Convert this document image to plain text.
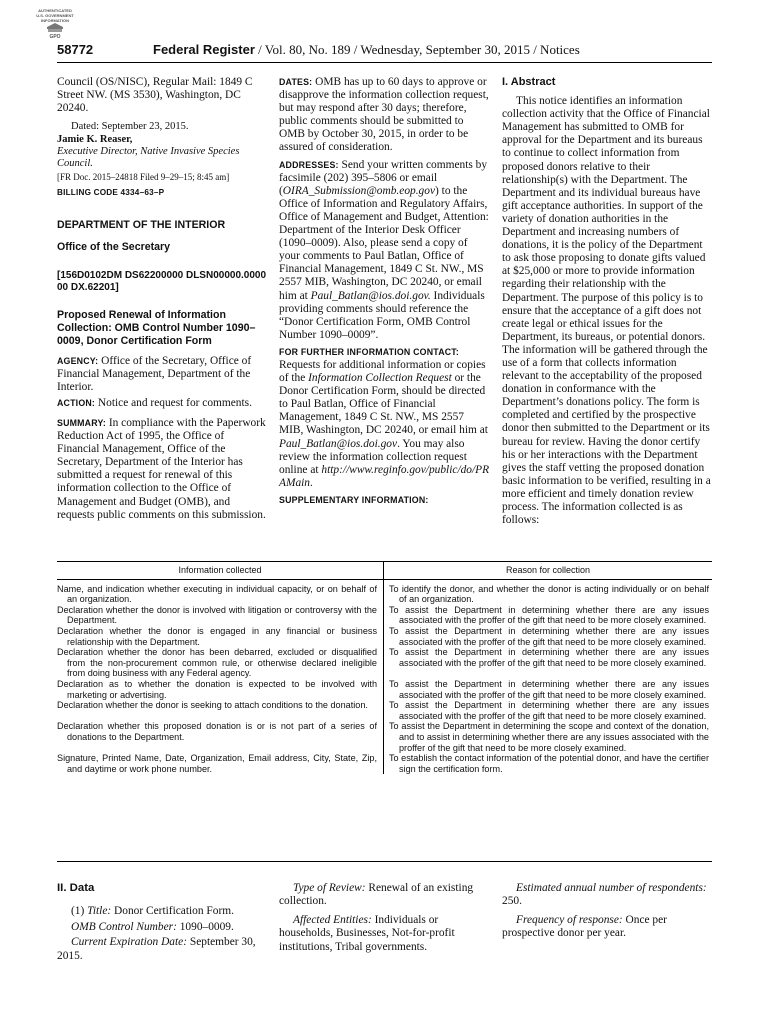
AUTHENTICATED
U.S. GOVERNMENT
INFORMATION
GPO
58772	Federal Register / Vol. 80, No. 189 / Wednesday, September 30, 2015 / Notices

Council (OS/NISC), Regular Mail: 1849 C Street NW. (MS 3530), Washington, DC 20240.

Dated: September 23, 2015.

Jamie K. Reaser,

Executive Director, Native Invasive Species Council.

[FR Doc. 2015–24818 Filed 9–29–15; 8:45 am]

BILLING CODE 4334–63–P

DEPARTMENT OF THE INTERIOR

Office of the Secretary

[156D0102DM DS62200000 DLSN00000.000000 DX.62201]

Proposed Renewal of Information Collection: OMB Control Number 1090–0009, Donor Certification Form

AGENCY: Office of the Secretary, Office of Financial Management, Department of the Interior.

ACTION: Notice and request for comments.

SUMMARY: In compliance with the Paperwork Reduction Act of 1995, the Office of Financial Management, Office of the Secretary, Department of the Interior has submitted a request for renewal of this information collection to the Office of Management and Budget (OMB), and requests public comments on this submission.

DATES: OMB has up to 60 days to approve or disapprove the information collection request, but may respond after 30 days; therefore, public comments should be submitted to OMB by October 30, 2015, in order to be assured of consideration.

ADDRESSES: Send your written comments by facsimile (202) 395–5806 or email (OIRA_Submission@omb.eop.gov) to the Office of Information and Regulatory Affairs, Office of Management and Budget, Attention: Department of the Interior Desk Officer (1090–0009). Also, please send a copy of your comments to Paul Batlan, Office of Financial Management, 1849 C St. NW., MS 2557 MIB, Washington, DC 20240, or email him at Paul_Batlan@ios.doi.gov. Individuals providing comments should reference the “Donor Certification Form, OMB Control Number 1090–0009”.

FOR FURTHER INFORMATION CONTACT: Requests for additional information or copies of the Information Collection Request or the Donor Certification Form, should be directed to Paul Batlan, Office of Financial Management, 1849 C St. NW., MS 2557 MIB, Washington, DC 20240, or email him at Paul_Batlan@ios.doi.gov. You may also review the information collection request online at http://www.reginfo.gov/public/do/PRAMain.

SUPPLEMENTARY INFORMATION:

I. Abstract

This notice identifies an information collection activity that the Office of Financial Management has submitted to OMB for approval for the Department and its bureaus to continue to collect information from proposed donors relative to their relationship(s) with the Department. The Department and its individual bureaus have gift acceptance authorities. In support of the variety of donation authorities in the Department and increasing numbers of donations, it is the policy of the Department to ask those proposing to donate gifts valued at $25,000 or more to provide information regarding their relationship with the Department. The purpose of this policy is to ensure that the acceptance of a gift does not create legal or ethical issues for the Department, its bureaus, or potential donors. The information will be gathered through the use of a form that collects information relevant to the acceptability of the proposed donation in conformance with the Department’s donations policy. The form is completed and certified by the prospective donor then submitted to the Department or its bureau for review. Having the donor certify his or her interactions with the Department gives the staff vetting the proposed donation basic information to be verified, resulting in a more efficient and timely donation review process. The information collected is as follows:

Information collected	Reason for collection

Name, and indication whether executing in individual capacity, or on behalf of an organization.	To identify the donor, and whether the donor is acting individually or on behalf of an organization.

Declaration whether the donor is involved with litigation or controversy with the Department.	To assist the Department in determining whether there are any issues associated with the proffer of the gift that need to be more closely examined.

Declaration whether the donor is engaged in any financial or business relationship with the Department.	To assist the Department in determining whether there are any issues associated with the proffer of the gift that need to be more closely examined.

Declaration whether the donor has been debarred, excluded or disqualified from the non-procurement common rule, or otherwise declared ineligible from doing business with any Federal agency.	To assist the Department in determining whether there are any issues associated with the proffer of the gift that need to be more closely examined.

Declaration as to whether the donation is expected to be involved with marketing or advertising.	To assist the Department in determining whether there are any issues associated with the proffer of the gift that need to be more closely examined.

Declaration whether the donor is seeking to attach conditions to the donation.	To assist the Department in determining whether there are any issues associated with the proffer of the gift that need to be more closely examined.

Declaration whether this proposed donation is or is not part of a series of donations to the Department.	To assist the Department in determining the scope and context of the donation, and to assist in determining whether there are any issues associated with the proffer of the gift that need to be more closely examined.

Signature, Printed Name, Date, Organization, Email address, City, State, Zip, and daytime or work phone number.	To establish the contact information of the potential donor, and have the certifier sign the certification form.

II. Data

(1) Title: Donor Certification Form.

OMB Control Number: 1090–0009.

Current Expiration Date: September 30, 2015.

Type of Review: Renewal of an existing collection.

Affected Entities: Individuals or households, Businesses, Not-for-profit institutions, Tribal governments.

Estimated annual number of respondents: 250.

Frequency of response: Once per prospective donor per year.
